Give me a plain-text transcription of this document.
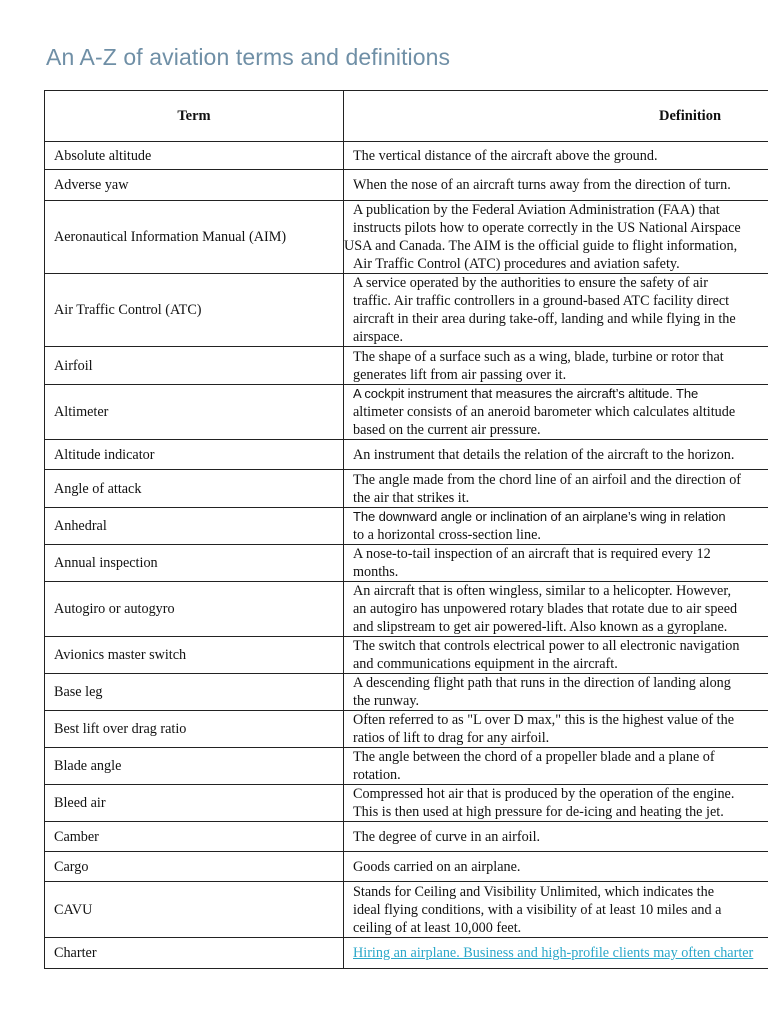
An A-Z of aviation terms and definitions
Term	Definition
Absolute altitude	The vertical distance of the aircraft above the ground.

Adverse yaw	When the nose of an aircraft turns away from the direction of turn.

Aeronautical Information Manual (AIM)	A publication by the Federal Aviation Administration (FAA) that
instructs pilots how to operate correctly in the US National Airspace
USA and Canada. The AIM is the official guide to flight information,
Air Traffic Control (ATC) procedures and aviation safety.

Air Traffic Control (ATC)	A service operated by the authorities to ensure the safety of air
traffic. Air traffic controllers in a ground-based ATC facility direct
aircraft in their area during take-off, landing and while flying in the
airspace.

Airfoil	The shape of a surface such as a wing, blade, turbine or rotor that
generates lift from air passing over it.

Altimeter	A cockpit instrument that measures the aircraft’s altitude. The
altimeter consists of an aneroid barometer which calculates altitude
based on the current air pressure.

Altitude indicator	An instrument that details the relation of the aircraft to the horizon.

Angle of attack	The angle made from the chord line of an airfoil and the direction of
the air that strikes it.

Anhedral	The downward angle or inclination of an airplane’s wing in relation
to a horizontal cross-section line.

Annual inspection	A nose-to-tail inspection of an aircraft that is required every 12
months.

Autogiro or autogyro	An aircraft that is often wingless, similar to a helicopter. However,
an autogiro has unpowered rotary blades that rotate due to air speed
and slipstream to get air powered-lift. Also known as a gyroplane.

Avionics master switch	The switch that controls electrical power to all electronic navigation
and communications equipment in the aircraft.

Base leg	A descending flight path that runs in the direction of landing along
the runway.

Best lift over drag ratio	Often referred to as "L over D max," this is the highest value of the
ratios of lift to drag for any airfoil.

Blade angle	The angle between the chord of a propeller blade and a plane of
rotation.

Bleed air	Compressed hot air that is produced by the operation of the engine.
This is then used at high pressure for de-icing and heating the jet.

Camber	The degree of curve in an airfoil.

Cargo	Goods carried on an airplane.

CAVU	Stands for Ceiling and Visibility Unlimited, which indicates the
ideal flying conditions, with a visibility of at least 10 miles and a
ceiling of at least 10,000 feet.

Charter	Hiring an airplane. Business and high-profile clients may often charter
